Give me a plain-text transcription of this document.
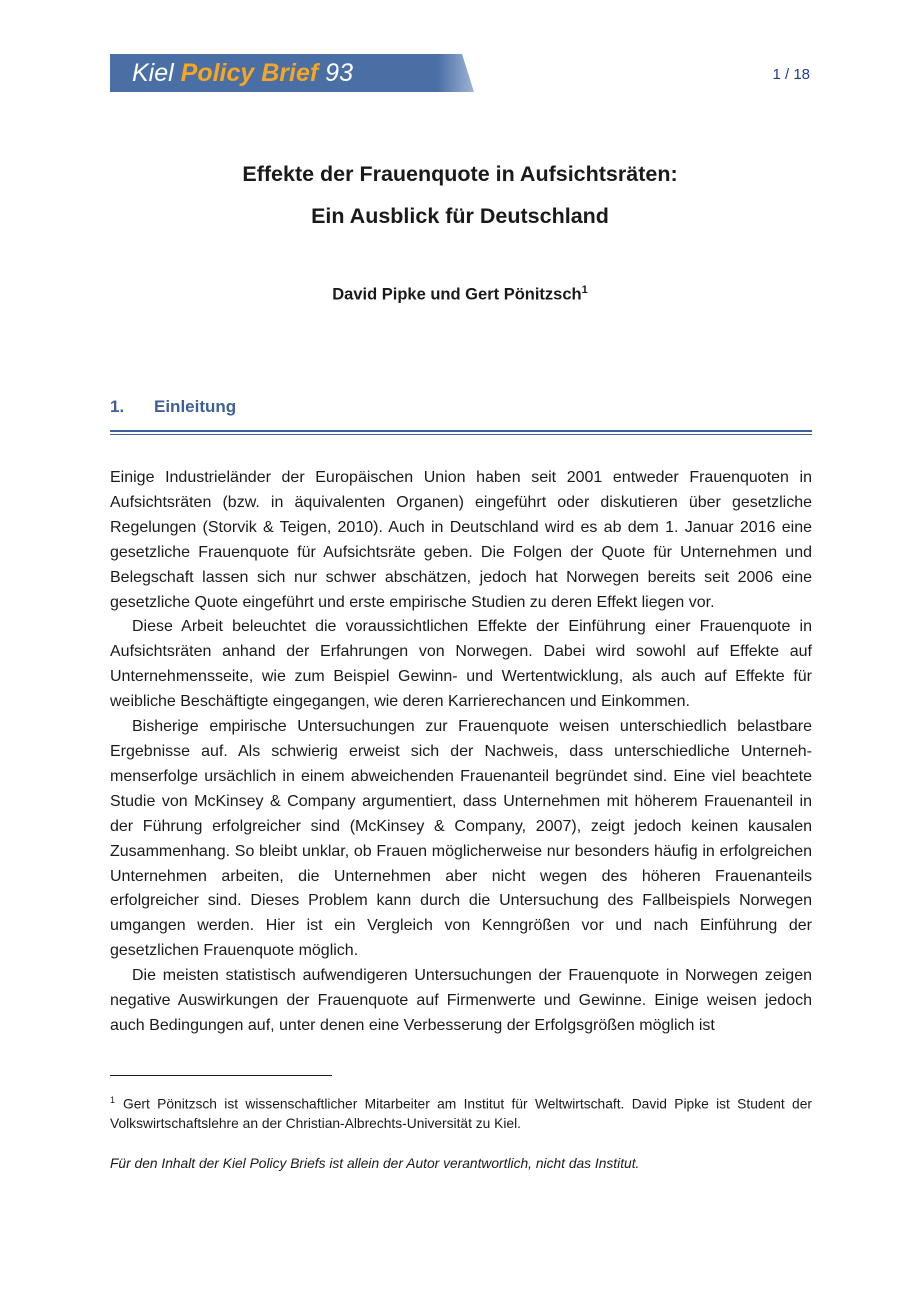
Kiel Policy Brief 93	1 / 18
Effekte der Frauenquote in Aufsichtsräten:
Ein Ausblick für Deutschland
David Pipke und Gert Pönitzsch$^1$
1. Einleitung

Einige Industrieländer der Europäischen Union haben seit 2001 entweder Frauenquoten in Aufsichtsräten (bzw. in äquivalenten Organen) eingeführt oder diskutieren über gesetzliche Regelungen (Storvik & Teigen, 2010). Auch in Deutschland wird es ab dem 1. Januar 2016 eine gesetzliche Frauenquote für Aufsichtsräte geben. Die Folgen der Quote für Unternehmen und Belegschaft lassen sich nur schwer abschätzen, jedoch hat Norwegen bereits seit 2006 eine gesetzliche Quote eingeführt und erste empirische Studien zu deren Effekt liegen vor.

Diese Arbeit beleuchtet die voraussichtlichen Effekte der Einführung einer Frauenquote in Aufsichtsräten anhand der Erfahrungen von Norwegen. Dabei wird sowohl auf Effekte auf Unternehmensseite, wie zum Beispiel Gewinn- und Wertentwicklung, als auch auf Effekte für weibliche Beschäftigte eingegangen, wie deren Karrierechancen und Einkommen.

Bisherige empirische Untersuchungen zur Frauenquote weisen unterschiedlich belastbare Ergebnisse auf. Als schwierig erweist sich der Nachweis, dass unterschiedliche Unternehmenserfolge ursächlich in einem abweichenden Frauenanteil begründet sind. Eine viel beachtete Studie von McKinsey & Company argumentiert, dass Unternehmen mit höherem Frauenanteil in der Führung erfolgreicher sind (McKinsey & Company, 2007), zeigt jedoch keinen kausalen Zusammenhang. So bleibt unklar, ob Frauen möglicherweise nur besonders häufig in erfolgreichen Unternehmen arbeiten, die Unternehmen aber nicht wegen des höheren Frauenanteils erfolgreicher sind. Dieses Problem kann durch die Untersuchung des Fallbeispiels Norwegen umgangen werden. Hier ist ein Vergleich von Kenngrößen vor und nach Einführung der gesetzlichen Frauenquote möglich.

Die meisten statistisch aufwendigeren Untersuchungen der Frauenquote in Norwegen zeigen negative Auswirkungen der Frauenquote auf Firmenwerte und Gewinne. Einige weisen jedoch auch Bedingungen auf, unter denen eine Verbesserung der Erfolgsgrößen möglich ist

$^1$ Gert Pönitzsch ist wissenschaftlicher Mitarbeiter am Institut für Weltwirtschaft. David Pipke ist Student der Volkswirtschaftslehre an der Christian-Albrechts-Universität zu Kiel.
Für den Inhalt der Kiel Policy Briefs ist allein der Autor verantwortlich, nicht das Institut.
